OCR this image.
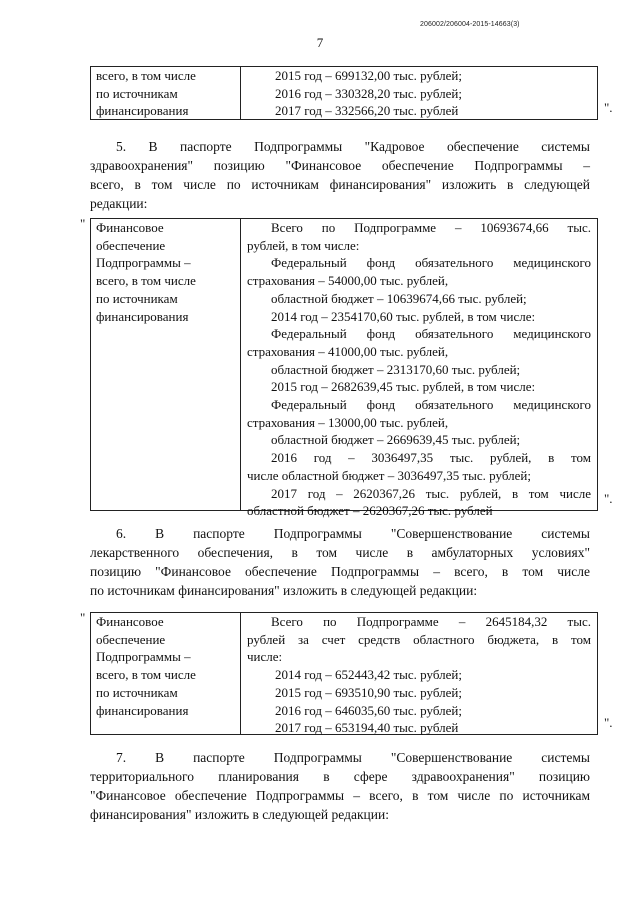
206002/206004-2015-14663(3)
7
всего, в том числе
по источникам
финансирования
2015 год – 699132,00 тыс. рублей;
2016 год – 330328,20 тыс. рублей;
2017 год – 332566,20 тыс. рублей	".
5. В паспорте Подпрограммы "Кадровое обеспечение системы
здравоохранения" позицию "Финансовое обеспечение Подпрограммы –
всего, в том числе по источникам финансирования" изложить в следующей
редакции:
" Финансовое
обеспечение
Подпрограммы –
всего, в том числе
по источникам
финансирования
Всего по Подпрограмме – 10693674,66 тыс.
рублей, в том числе:
Федеральный фонд обязательного медицинского
страхования – 54000,00 тыс. рублей,
областной бюджет – 10639674,66 тыс. рублей;
2014 год – 2354170,60 тыс. рублей, в том числе:
Федеральный фонд обязательного медицинского
страхования – 41000,00 тыс. рублей,
областной бюджет – 2313170,60 тыс. рублей;
2015 год – 2682639,45 тыс. рублей, в том числе:
Федеральный фонд обязательного медицинского
страхования – 13000,00 тыс. рублей,
областной бюджет – 2669639,45 тыс. рублей;
2016 год – 3036497,35 тыс. рублей, в том
числе областной бюджет – 3036497,35 тыс. рублей;
2017 год – 2620367,26 тыс. рублей, в том числе
областной бюджет – 2620367,26 тыс. рублей
".
6. В паспорте Подпрограммы "Совершенствование системы
лекарственного обеспечения, в том числе в амбулаторных условиях"
позицию "Финансовое обеспечение Подпрограммы – всего, в том числе
по источникам финансирования" изложить в следующей редакции:
" Финансовое
обеспечение
Подпрограммы –
всего, в том числе
по источникам
финансирования
Всего по Подпрограмме – 2645184,32 тыс.
рублей за счет средств областного бюджета, в том
числе:
2014 год – 652443,42 тыс. рублей;
2015 год – 693510,90 тыс. рублей;
2016 год – 646035,60 тыс. рублей;
2017 год – 653194,40 тыс. рублей	".
7. В паспорте Подпрограммы "Совершенствование системы
территориального планирования в сфере здравоохранения" позицию
"Финансовое обеспечение Подпрограммы – всего, в том числе по источникам
финансирования" изложить в следующей редакции:
